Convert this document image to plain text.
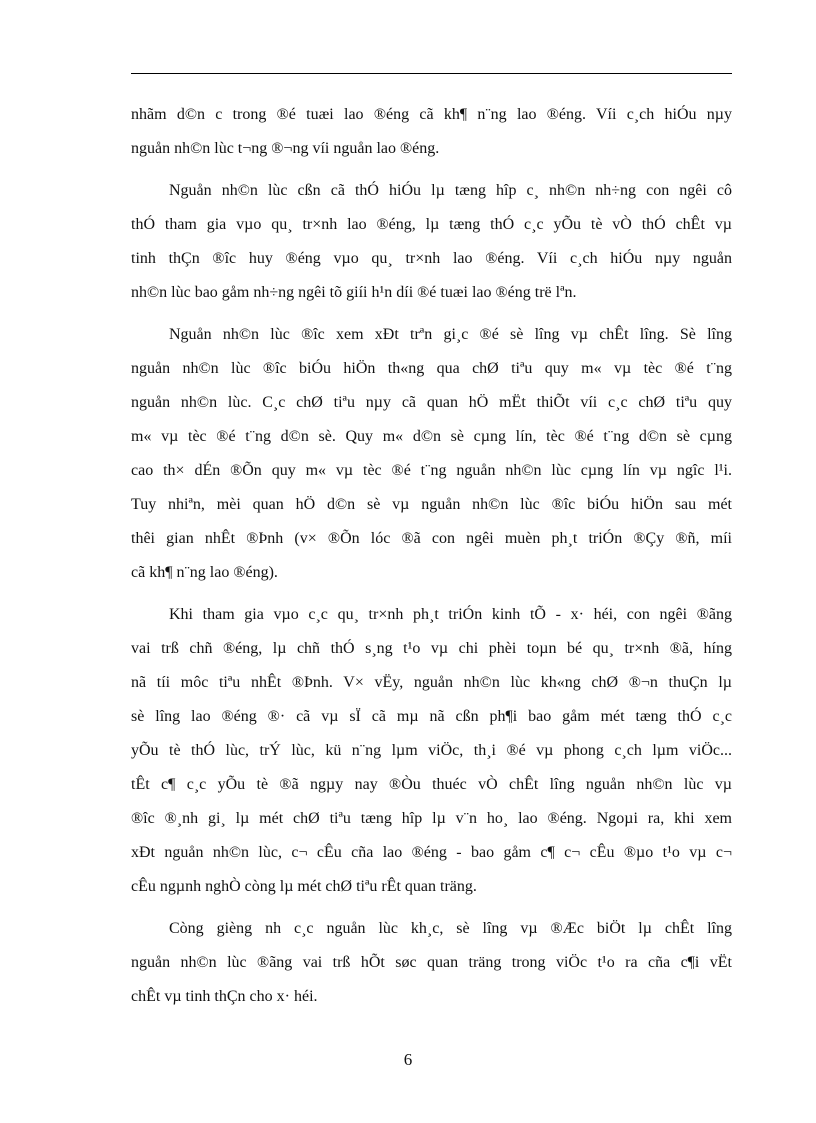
nhãm d©n c trong ®é tuæi lao ®éng cã kh¶ n¨ng lao ®éng. Víi c¸ch hiÓu nµy
nguån nh©n lùc t¬ng ®¬ng víi nguån lao ®éng.
Nguån nh©n lùc cßn cã thÓ hiÓu lµ tæng hîp c¸ nh©n nh÷ng con ngêi cô
thÓ tham gia vµo qu¸ tr×nh lao ®éng, lµ tæng thÓ c¸c yÕu tè vÒ thÓ chÊt vµ
tinh thÇn ®îc huy ®éng vµo qu¸ tr×nh lao ®éng. Víi c¸ch hiÓu nµy nguån
nh©n lùc bao gåm nh÷ng ngêi tõ giíi h¹n díi ®é tuæi lao ®éng trë lªn.
Nguån nh©n lùc ®îc xem xÐt trªn gi¸c ®é sè lîng vµ chÊt lîng. Sè lîng
nguån nh©n lùc ®îc biÓu hiÖn th«ng qua chØ tiªu quy m« vµ tèc ®é t¨ng
nguån nh©n lùc. C¸c chØ tiªu nµy cã quan hÖ mËt thiÕt víi c¸c chØ tiªu quy
m« vµ tèc ®é t¨ng d©n sè. Quy m« d©n sè cµng lín, tèc ®é t¨ng d©n sè cµng
cao th× dÉn ®Õn quy m« vµ tèc ®é t¨ng nguån nh©n lùc cµng lín vµ ngîc l¹i.
Tuy nhiªn, mèi quan hÖ d©n sè vµ nguån nh©n lùc ®îc biÓu hiÖn sau mét
thêi gian nhÊt ®Þnh (v× ®Õn lóc ®ã con ngêi muèn ph¸t triÓn ®Çy ®ñ, míi
cã kh¶ n¨ng lao ®éng).
Khi tham gia vµo c¸c qu¸ tr×nh ph¸t triÓn kinh tÕ - x· héi, con ngêi ®ãng
vai trß chñ ®éng, lµ chñ thÓ s¸ng t¹o vµ chi phèi toµn bé qu¸ tr×nh ®ã, híng
nã tíi môc tiªu nhÊt ®Þnh. V× vËy, nguån nh©n lùc kh«ng chØ ®¬n thuÇn lµ
sè lîng lao ®éng ®· cã vµ sÏ cã mµ nã cßn ph¶i bao gåm mét tæng thÓ c¸c
yÕu tè thÓ lùc, trÝ lùc, kü n¨ng lµm viÖc, th¸i ®é vµ phong c¸ch lµm viÖc...
tÊt c¶ c¸c yÕu tè ®ã ngµy nay ®Òu thuéc vÒ chÊt lîng nguån nh©n lùc vµ
®îc ®¸nh gi¸ lµ mét chØ tiªu tæng hîp lµ v¨n ho¸ lao ®éng. Ngoµi ra, khi xem
xÐt nguån nh©n lùc, c¬ cÊu cña lao ®éng - bao gåm c¶ c¬ cÊu ®µo t¹o vµ c¬
cÊu ngµnh nghÒ còng lµ mét chØ tiªu rÊt quan träng.
Còng gièng nh c¸c nguån lùc kh¸c, sè lîng vµ ®Æc biÖt lµ chÊt lîng
nguån nh©n lùc ®ãng vai trß hÕt søc quan träng trong viÖc t¹o ra cña c¶i vËt
chÊt vµ tinh thÇn cho x· héi.
6
